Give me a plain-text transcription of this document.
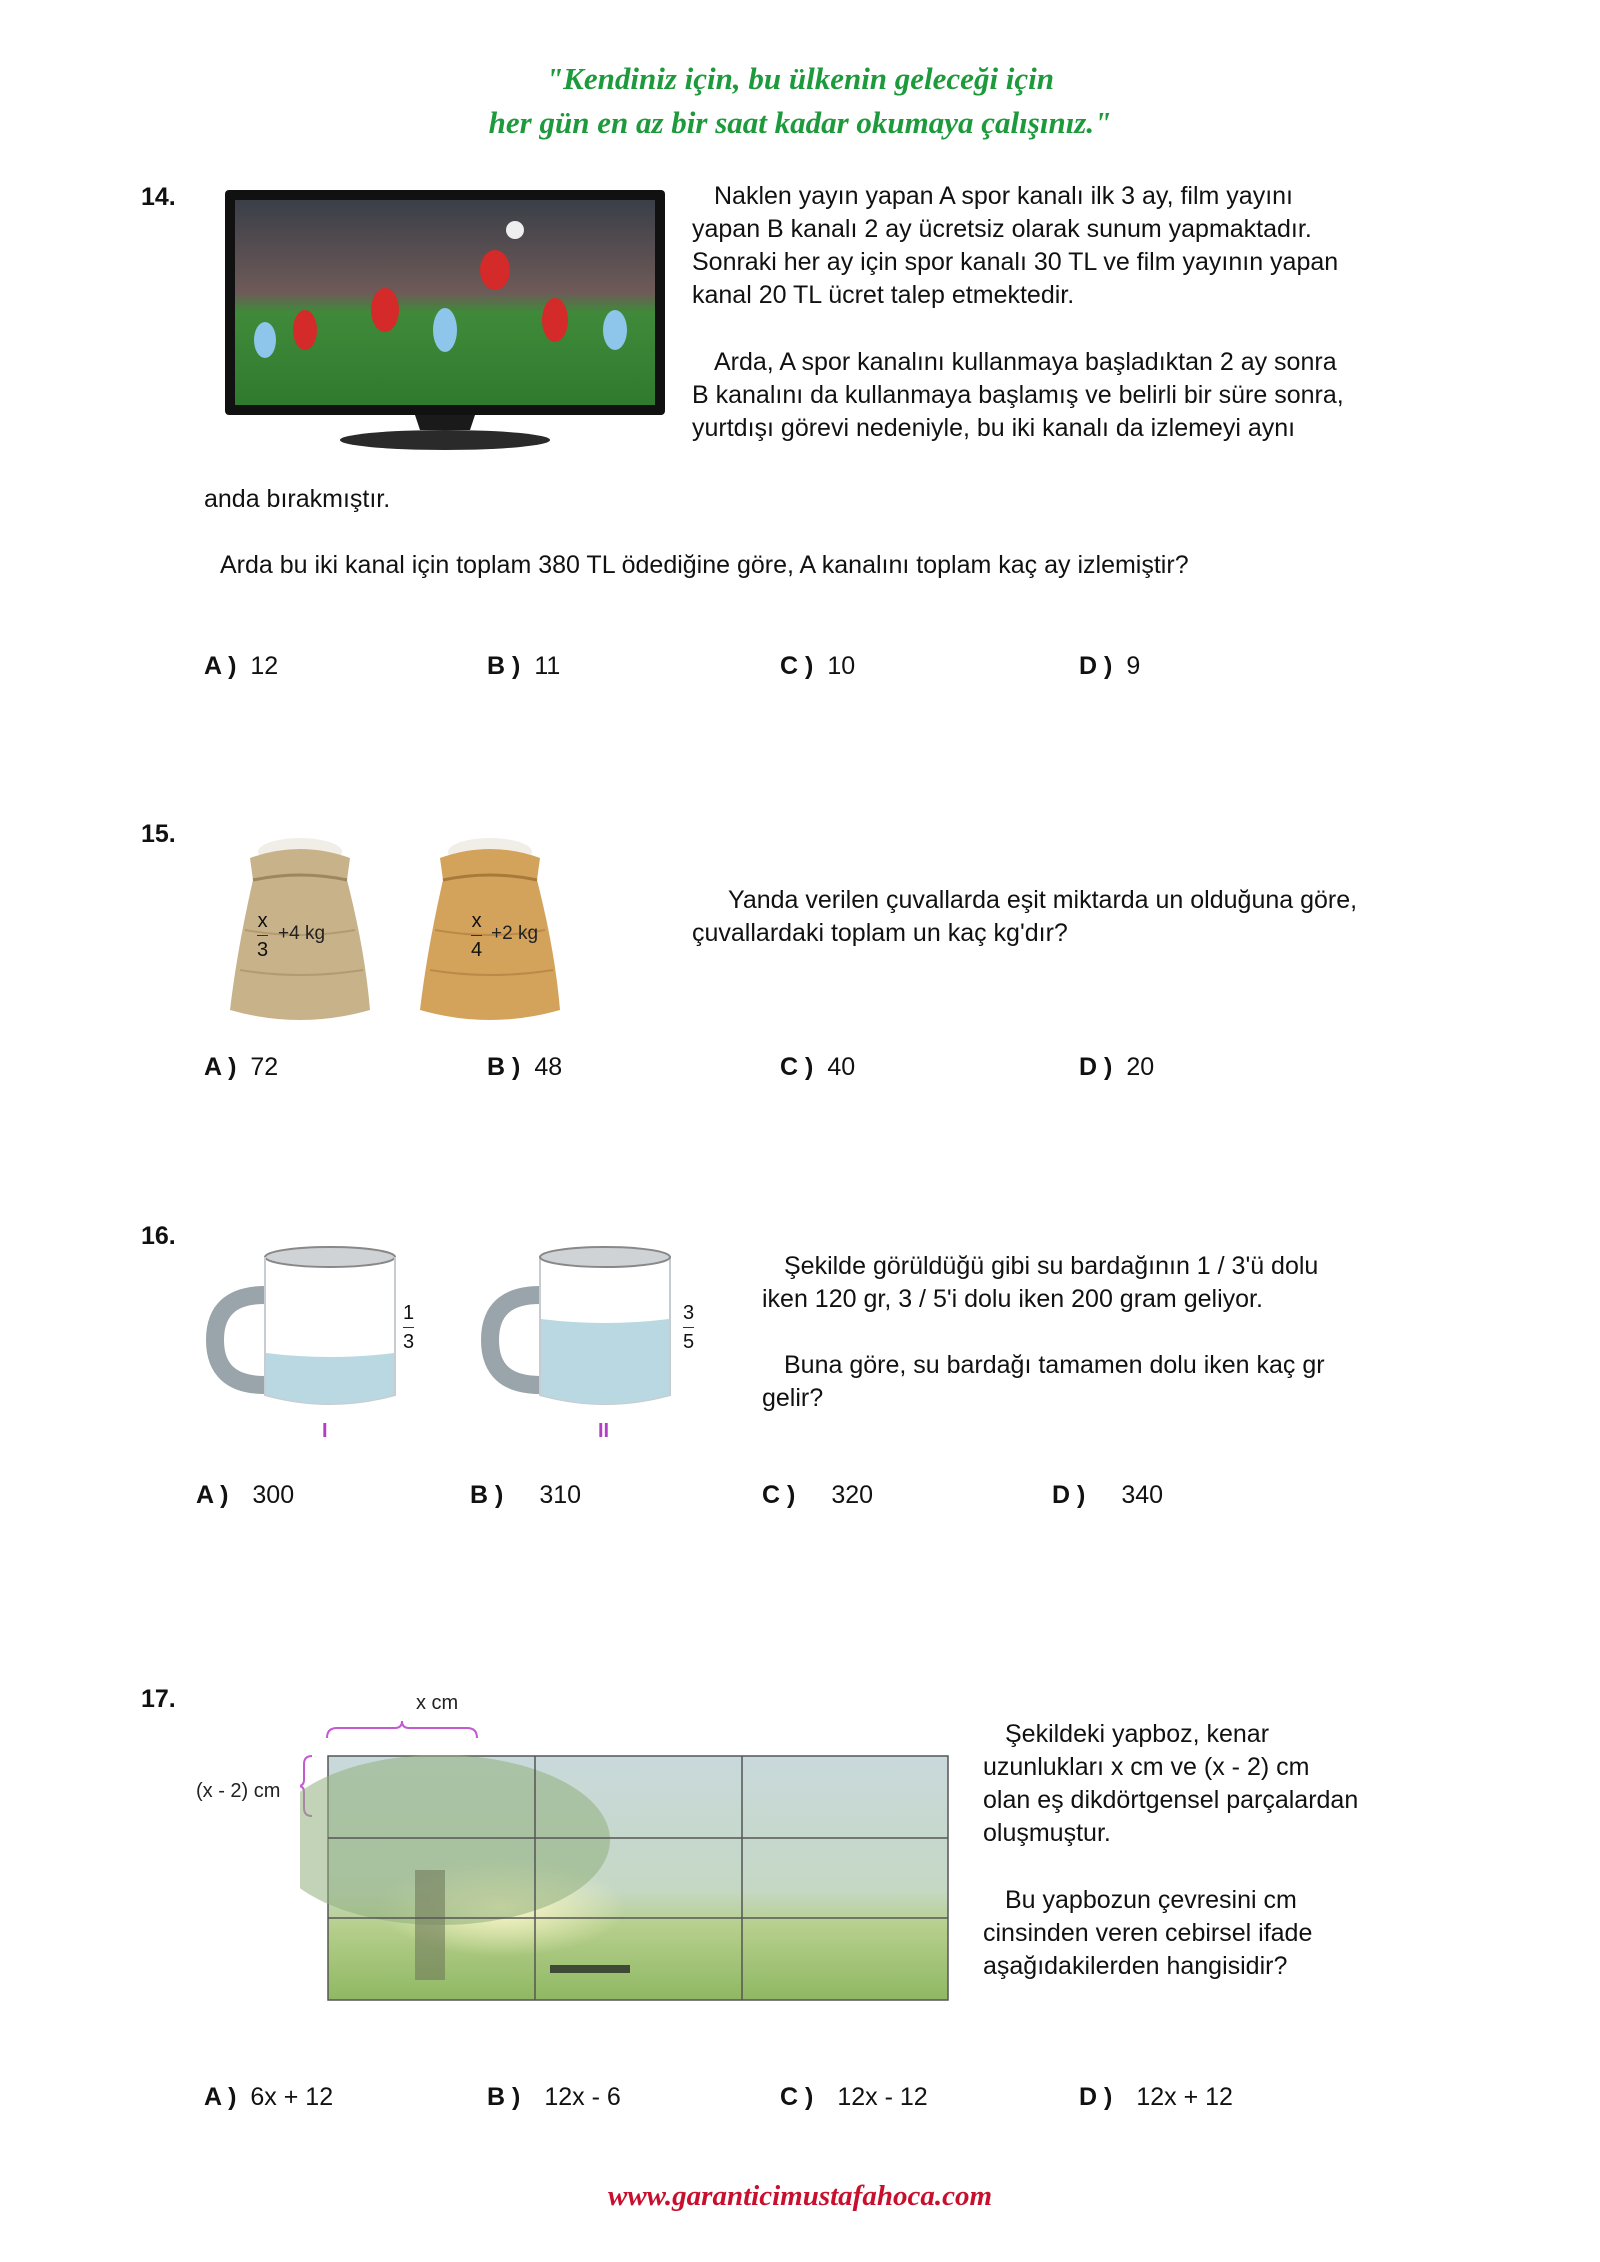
"Kendiniz için, bu ülkenin geleceği için
her gün en az bir saat kadar okumaya çalışınız."
14.	Naklen yayın yapan A spor kanalı ilk 3 ay, film yayını
yapan B kanalı 2 ay ücretsiz olarak sunum yapmaktadır.
Sonraki her ay için spor kanalı 30 TL ve film yayının yapan
kanal 20 TL ücret talep etmektedir.
Arda, A spor kanalını kullanmaya başladıktan 2 ay sonra
B kanalını da kullanmaya başlamış ve belirli bir süre sonra,
yurtdışı görevi nedeniyle, bu iki kanalı da izlemeyi aynı
anda bırakmıştır.
Arda bu iki kanal için toplam 380 TL ödediğine göre, A kanalını toplam kaç ay izlemiştir?
A ) 12	B ) 11	C ) 10	D ) 9
15.
x
3
+4 kg
x
4
+2 kg
Yanda verilen çuvallarda eşit miktarda un olduğuna göre,
çuvallardaki toplam un kaç kg'dır?
A ) 72	B ) 48	C ) 40	D ) 20
16.
1
3
I
3
5
II
Şekilde görüldüğü gibi su bardağının 1 / 3'ü dolu
iken 120 gr, 3 / 5'i dolu iken 200 gram geliyor.
Buna göre, su bardağı tamamen dolu iken kaç gr
gelir?
A ) 300	B ) 310	C ) 320	D ) 340
17.	x cm
(x - 2) cm
Şekildeki yapboz, kenar
uzunlukları x cm ve (x - 2) cm
olan eş dikdörtgensel parçalardan
oluşmuştur.
Bu yapbozun çevresini cm
cinsinden veren cebirsel ifade
aşağıdakilerden hangisidir?
A ) 6x + 12	B ) 12x - 6	C ) 12x - 12	D ) 12x + 12
www.garanticimustafahoca.com
